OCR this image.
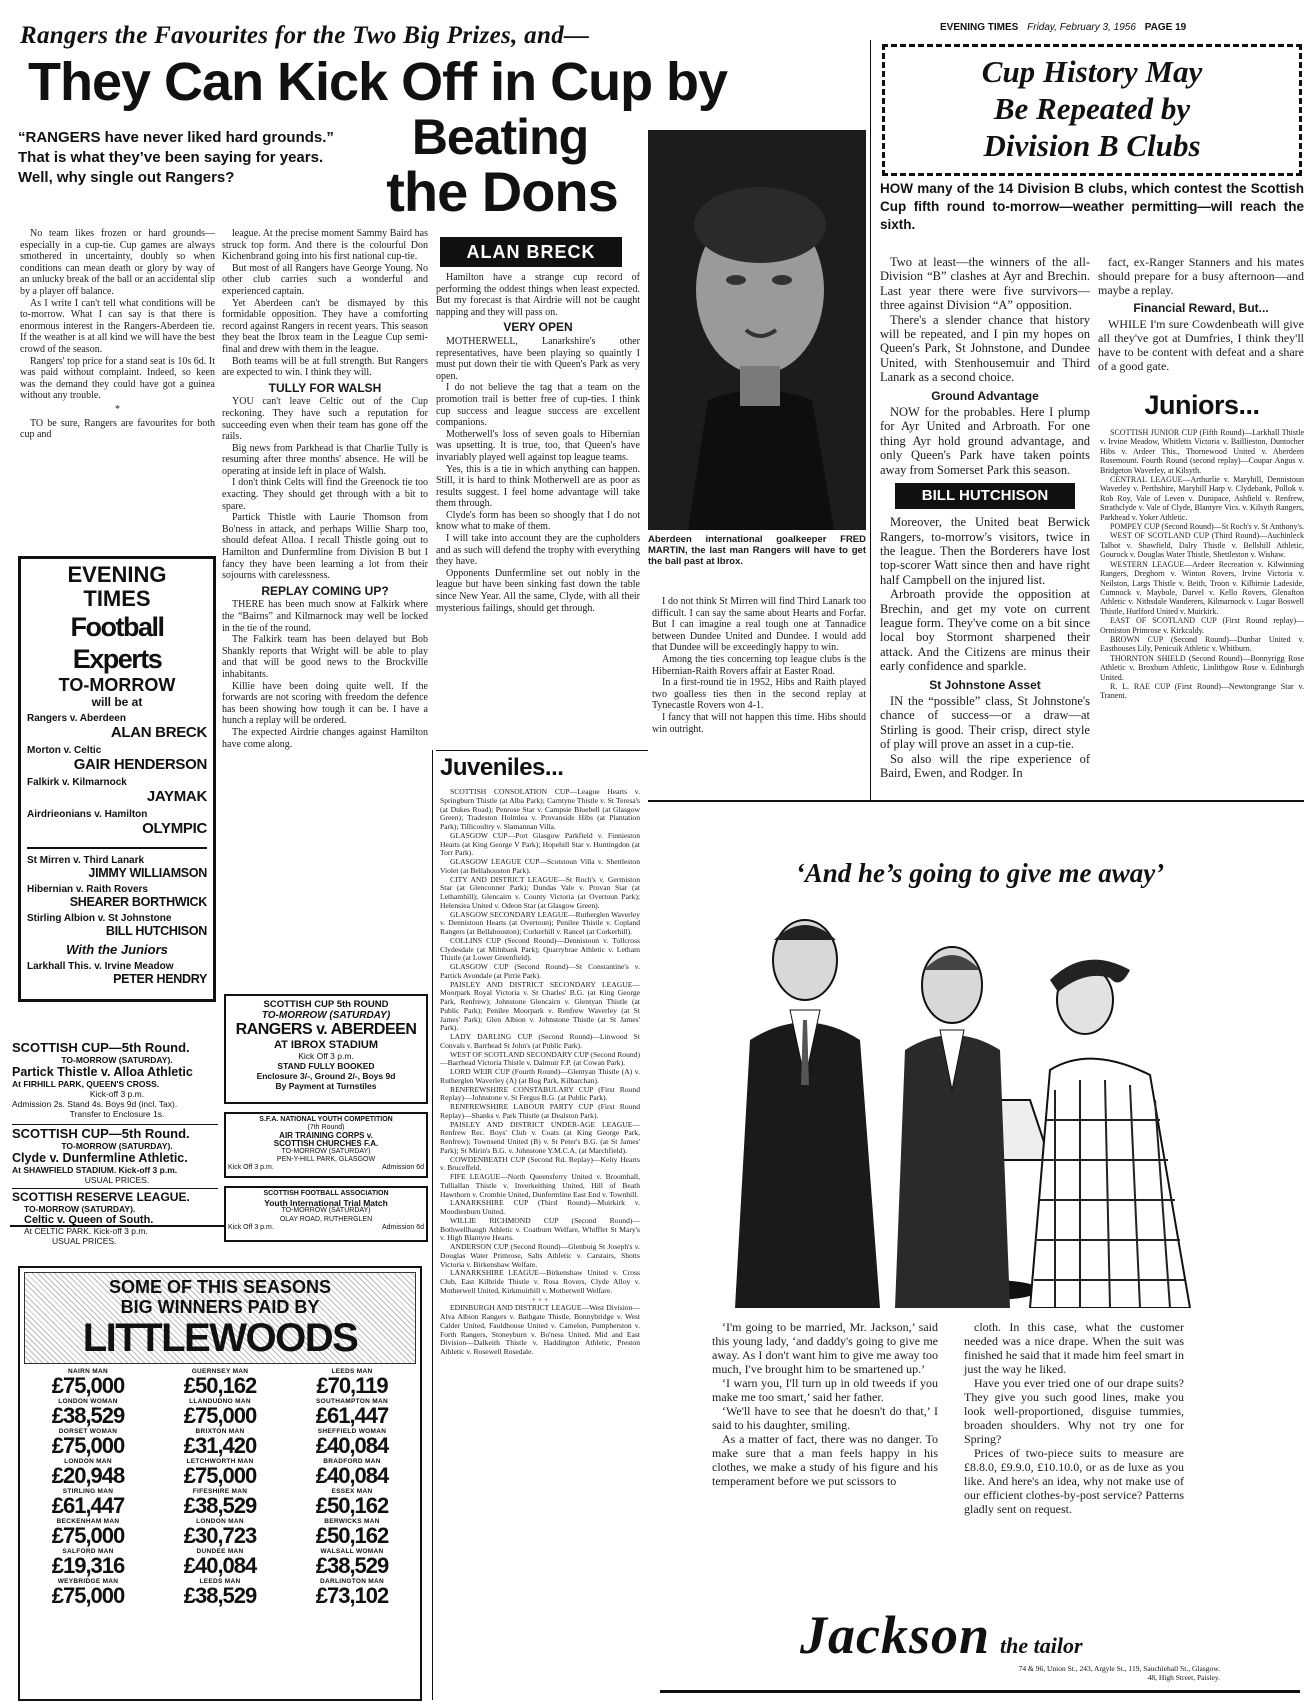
EVENING TIMES Friday, February 3, 1956 PAGE 19
Rangers the Favourites for the Two Big Prizes, and—
They Can Kick Off in Cup by
Beating
the Dons
“RANGERS have never liked hard grounds.” That is what they’ve been saying for years. Well, why single out Rangers?
ALAN BRECK

No team likes frozen or hard grounds—especially in a cup-tie. Cup games are always smothered in uncertainty, doubly so when conditions can mean death or glory by way of an unlucky break of the ball or an accidental slip by a player off balance.

As I write I can't tell what conditions will be to-morrow. What I can say is that there is enormous interest in the Rangers-Aberdeen tie. If the weather is at all kind we will have the best crowd of the season.

Rangers' top price for a stand seat is 10s 6d. It was paid without complaint. Indeed, so keen was the demand they could have got a guinea without any trouble.

*

TO be sure, Rangers are favourites for both cup and

league. At the precise moment Sammy Baird has struck top form. And there is the colourful Don Kichenbrand going into his first national cup-tie.

But most of all Rangers have George Young. No other club carries such a wonderful and experienced captain.

Yet Aberdeen can't be dismayed by this formidable opposition. They have a comforting record against Rangers in recent years. This season they beat the Ibrox team in the League Cup semi-final and drew with them in the league.

Both teams will be at full strength. But Rangers are expected to win. I think they will.

TULLY FOR WALSH

YOU can't leave Celtic out of the Cup reckoning. They have such a reputation for succeeding even when their team has gone off the rails.

Big news from Parkhead is that Charlie Tully is resuming after three months' absence. He will be operating at inside left in place of Walsh.

I don't think Celts will find the Greenock tie too exacting. They should get through with a bit to spare.

Partick Thistle with Laurie Thomson from Bo'ness in attack, and perhaps Willie Sharp too, should defeat Alloa. I recall Thistle going out to Hamilton and Dunfermline from Division B but I fancy they have been learning a lot from their sojourns with carelessness.

REPLAY COMING UP?

THERE has been much snow at Falkirk where the “Bairns” and Kilmarnock may well be locked in the tie of the round.

The Falkirk team has been delayed but Bob Shankly reports that Wright will be able to play and that will be good news to the Brockville inhabitants.

Killie have been doing quite well. If the forwards are not scoring with freedom the defence has been showing how tough it can be. I have a hunch a replay will be ordered.

The expected Airdrie changes against Hamilton have come along.

Hamilton have a strange cup record of performing the oddest things when least expected. But my forecast is that Airdrie will not be caught napping and they will pass on.

VERY OPEN

MOTHERWELL, Lanarkshire's other representatives, have been playing so quaintly I must put down their tie with Queen's Park as very open.

I do not believe the tag that a team on the promotion trail is better free of cup-ties. I think cup success and league success are excellent companions.

Motherwell's loss of seven goals to Hibernian was upsetting. It is true, too, that Queen's have invariably played well against top league teams.

Yes, this is a tie in which anything can happen. Still, it is hard to think Motherwell are as poor as results suggest. I feel home advantage will take them through.

Clyde's form has been so shoogly that I do not know what to make of them.

I will take into account they are the cupholders and as such will defend the trophy with everything they have.

Opponents Dunfermline set out nobly in the league but have been sinking fast down the table since New Year. All the same, Clyde, with all their mysterious failings, should get through.

Aberdeen international goalkeeper FRED MARTIN, the last man Rangers will have to get the ball past at Ibrox.

I do not think St Mirren will find Third Lanark too difficult. I can say the same about Hearts and Forfar. But I can imagine a real tough one at Tannadice between Dundee United and Dundee. I would add that Dundee will be exceedingly happy to win.

Among the ties concerning top league clubs is the Hibernian-Raith Rovers affair at Easter Road.

In a first-round tie in 1952, Hibs and Raith played two goalless ties then in the second replay at Tynecastle Rovers won 4-1.

I fancy that will not happen this time. Hibs should win outright.

EVENING
TIMES
Football Experts
TO-MORROW
will be at
Rangers v. Aberdeen
ALAN BRECK
Morton v. Celtic
GAIR HENDERSON
Falkirk v. Kilmarnock
JAYMAK
Airdrieonians v. Hamilton
OLYMPIC
St Mirren v. Third Lanark
JIMMY WILLIAMSON
Hibernian v. Raith Rovers
SHEARER BORTHWICK
Stirling Albion v. St Johnstone
BILL HUTCHISON
With the Juniors
Larkhall This. v. Irvine Meadow
PETER HENDRY
SCOTTISH CUP—5th Round.
TO-MORROW (SATURDAY).
Partick Thistle v. Alloa Athletic
At FIRHILL PARK, QUEEN'S CROSS.
Kick-off 3 p.m.
Admission 2s. Stand 4s. Boys 9d (incl. Tax).
Transfer to Enclosure 1s.
SCOTTISH CUP—5th Round.
TO-MORROW (SATURDAY).
Clyde v. Dunfermline Athletic.
At SHAWFIELD STADIUM. Kick-off 3 p.m.
USUAL PRICES.
SCOTTISH RESERVE LEAGUE.
TO-MORROW (SATURDAY).
Celtic v. Queen of South.
At CELTIC PARK. Kick-off 3 p.m.
USUAL PRICES.
SCOTTISH CUP 5th ROUND
TO-MORROW (SATURDAY)
RANGERS v. ABERDEEN
AT IBROX STADIUM
Kick Off 3 p.m.
STAND FULLY BOOKED
Enclosure 3/-, Ground 2/-, Boys 9d
By Payment at Turnstiles
S.F.A. NATIONAL YOUTH COMPETITION
(7th Round)
AIR TRAINING CORPS v.
SCOTTISH CHURCHES F.A.
TO-MORROW (SATURDAY)
PEN-Y-HILL PARK, GLASGOW
Kick Off 3 p.m.	Admission 6d
SCOTTISH FOOTBALL ASSOCIATION
Youth International Trial Match
TO-MORROW (SATURDAY)
OLAY ROAD, RUTHERGLEN
Kick Off 3 p.m.	Admission 6d
SOME OF THIS SEASONS
BIG WINNERS PAID BY
LITTLEWOODS
NAIRN MAN
£75,000
GUERNSEY MAN
£50,162
LEEDS MAN
£70,119
LONDON WOMAN
£38,529
LLANDUDNO MAN
£75,000
SOUTHAMPTON MAN
£61,447
DORSET WOMAN
£75,000
BRIXTON MAN
£31,420
SHEFFIELD WOMAN
£40,084
LONDON MAN
£20,948
LETCHWORTH MAN
£75,000
BRADFORD MAN
£40,084
STIRLING MAN
£61,447
FIFESHIRE MAN
£38,529
ESSEX MAN
£50,162
BECKENHAM MAN
£75,000
LONDON MAN
£30,723
BERWICKS MAN
£50,162
SALFORD MAN
£19,316
DUNDEE MAN
£40,084
WALSALL WOMAN
£38,529
WEYBRIDGE MAN
£75,000
LEEDS MAN
£38,529
DARLINGTON MAN
£73,102
Juveniles...

SCOTTISH CONSOLATION CUP—League Hearts v. Springburn Thistle (at Alba Park); Carntyne Thistle v. St Teresa's (at Dukes Road); Penrose Star v. Campsie Bluebell (at Glasgow Green); Tradeston Holmlea v. Provanside Hibs (at Plantation Park); Tillicoultry v. Slamannan Villa.

GLASGOW CUP—Port Glasgow Parkfield v. Finnieston Hearts (at King George V Park); Hopehill Star v. Huntingdon (at Torr Park).

GLASGOW LEAGUE CUP—Scotstoun Villa v. Shettleston Violet (at Bellahouston Park).

CITY AND DISTRICT LEAGUE—St Roch's v. Germiston Star (at Glenconner Park); Dundas Vale v. Provan Star (at Lethamhill); Glencairn v. County Victoria (at Overtoun Park); Helensiea United v. Odeon Star (at Glasgow Green).

GLASGOW SECONDARY LEAGUE—Rutherglen Waverley v. Dennistoun Hearts (at Overtoun); Penilee Thistle v. Copland Rangers (at Bellahouston); Corkerhill v. Rancel (at Corkerhill).

COLLINS CUP (Second Round)—Dennistoun v. Tollcross Clydesdale (at Milnbank Park); Quarrybrae Athletic v. Letham Thistle (at Lower Greenfield).

GLASGOW CUP (Second Round)—St Constantine's v. Partick Avondale (at Pirrie Park).

PAISLEY AND DISTRICT SECONDARY LEAGUE—Moorpark Royal Victoria v. St Charles' B.G. (at King George Park, Renfrew); Johnstone Glencairn v. Glentyan Thistle (at Public Park); Penilee Moorpark v. Renfrew Waverley (at St James' Park); Glen Albion v. Johnstone Thistle (at St James' Park).

LADY DARLING CUP (Second Round)—Linwood St Convals v. Barrhead St John's (at Public Park).

WEST OF SCOTLAND SECONDARY CUP (Second Round)—Barrhead Victoria Thistle v. Dalmuir F.P. (at Cowan Park).

LORD WEIR CUP (Fourth Round)—Glentyan Thistle (A) v. Rutherglen Waverley (A) (at Bog Park, Kilbarchan).

RENFREWSHIRE CONSTABULARY CUP (First Round Replay)—Johnstone v. St Fergus B.G. (at Public Park).

RENFREWSHIRE LABOUR PARTY CUP (First Round Replay)—Shanks v. Park Thistle (at Dealston Park).

PAISLEY AND DISTRICT UNDER-AGE LEAGUE—Renfrew Rec. Boys' Club v. Coats (at King George Park, Renfrew); Townsend United (B) v. St Peter's B.G. (at St James' Park); St Mirin's B.G. v. Johnstone Y.M.C.A. (at Marchfield).

COWDENBEATH CUP (Second Rd. Replay)—Kelty Hearts v. Bruceffeld.

FIFE LEAGUE—North Queensferry United v. Broomhall, Tulliallan Thistle v. Inverkeithing United, Hill of Beath Hawthorn v. Crombie United, Dunfermline East End v. Townhill.

LANARKSHIRE CUP (Third Round)—Muirkirk v. Moodiesburn United.

WILLIE RICHMOND CUP (Second Round)—Bothwellhaugh Athletic v. Coatburn Welfare, Whifflet St Mary's v. High Blantyre Hearts.

ANDERSON CUP (Second Round)—Glenboig St Joseph's v. Douglas Water Primrose, Salts Athletic v. Carstairs, Shotts Victoria v. Birkenshaw Welfare.

LANARKSHIRE LEAGUE—Birkenshaw United v. Cross Club, East Kilbride Thistle v. Rosa Rovers, Clyde Alloy v. Motherwell United, Kirkmuirhill v. Motherwell Welfare.

+ + +

EDINBURGH AND DISTRICT LEAGUE—West Division—Alva Albion Rangers v. Bathgate Thistle, Bonnybridge v. West Calder United, Fauldhouse United v. Camelon, Pumpherston v. Forth Rangers, Stoneyburn v. Bo'ness United. Mid and East Division—Dalkeith Thistle v. Haddington Athletic, Preston Athletic v. Rosewell Rosedale.

Cup History May
Be Repeated by
Division B Clubs
HOW many of the 14 Division B clubs, which contest the Scottish Cup fifth round to-morrow—weather permitting—will reach the sixth.

Two at least—the winners of the all-Division “B” clashes at Ayr and Brechin. Last year there were five survivors—three against Division “A” opposition.

There's a slender chance that history will be repeated, and I pin my hopes on Queen's Park, St Johnstone, and Dundee United, with Stenhousemuir and Third Lanark as a second choice.

Ground Advantage

NOW for the probables. Here I plump for Ayr United and Arbroath. For one thing Ayr hold ground advantage, and only Queen's Park have taken points away from Somerset Park this season.

BILL HUTCHISON

Moreover, the United beat Berwick Rangers, to-morrow's visitors, twice in the league. Then the Borderers have lost top-scorer Watt since then and have right half Campbell on the injured list.

Arbroath provide the opposition at Brechin, and get my vote on current league form. They've come on a bit since local boy Stormont sharpened their attack. And the Citizens are minus their early confidence and sparkle.

St Johnstone Asset

IN the “possible” class, St Johnstone's chance of success—or a draw—at Stirling is good. Their crisp, direct style of play will prove an asset in a cup-tie.

So also will the ripe experience of Baird, Ewen, and Rodger. In

fact, ex-Ranger Stanners and his mates should prepare for a busy afternoon—and maybe a replay.

Financial Reward, But...

WHILE I'm sure Cowdenbeath will give all they've got at Dumfries, I think they'll have to be content with defeat and a share of a good gate.

Juniors...

SCOTTISH JUNIOR CUP (Fifth Round)—Larkhall Thistle v. Irvine Meadow, Whitletts Victoria v. Baillieston, Duntocher Hibs v. Ardeer This., Thornewood United v. Aberdeen Rosemount. Fourth Round (second replay)—Coupar Angus v. Bridgeton Waverley, at Kilsyth.

CENTRAL LEAGUE—Arthurlie v. Maryhill, Dennistoun Waverley v. Perthshire, Maryhill Harp v. Clydebank, Pollok v. Rob Roy, Vale of Leven v. Dunipace, Ashfield v. Renfrew, Strathclyde v. Vale of Clyde, Blantyre Vics. v. Kilsyth Rangers, Parkhead v. Yoker Athletic.

POMPEY CUP (Second Round)—St Roch's v. St Anthony's.

WEST OF SCOTLAND CUP (Third Round)—Auchinleck Talbot v. Shawfield, Dalry Thistle v. Bellshill Athletic, Gourock v. Douglas Water Thistle, Shettleston v. Wishaw.

WESTERN LEAGUE—Ardeer Recreation v. Kilwinning Rangers, Dreghorn v. Winton Rovers, Irvine Victoria v. Neilston, Largs Thistle v. Beith, Troon v. Kilbirnie Ladeside, Cumnock v. Maybole, Darvel v. Kello Rovers, Glenafton Athletic v. Nithsdale Wanderers, Kilmarnock v. Lugar Boswell Thistle, Hurlford United v. Muirkirk.

EAST OF SCOTLAND CUP (First Round replay)—Ormiston Primrose v. Kirkcaldy.

BROWN CUP (Second Round)—Dunbar United v. Easthouses Lily, Penicuik Athletic v. Whitburn.

THORNTON SHIELD (Second Round)—Bonnyrigg Rose Athletic v. Broxburn Athletic, Linlithgow Rose v. Edinburgh United.

R. L. RAE CUP (First Round)—Newtongrange Star v. Tranent.

‘And he’s going to give me away’

‘I'm going to be married, Mr. Jackson,’ said this young lady, ‘and daddy's going to give me away. As I don't want him to give me away too much, I've brought him to be smartened up.’

‘I warn you, I'll turn up in old tweeds if you make me too smart,’ said her father.

‘We'll have to see that he doesn't do that,’ I said to his daughter, smiling.

As a matter of fact, there was no danger. To make sure that a man feels happy in his clothes, we make a study of his figure and his temperament before we put scissors to

cloth. In this case, what the customer needed was a nice drape. When the suit was finished he said that it made him feel smart in just the way he liked.

Have you ever tried one of our drape suits? They give you such good lines, make you look well-proportioned, disguise tummies, broaden shoulders. Why not try one for Spring?

Prices of two-piece suits to measure are £8.8.0, £9.9.0, £10.10.0, or as de luxe as you like. And here's an idea, why not make use of our efficient clothes-by-post service? Patterns gladly sent on request.

Jackson the tailor
74 & 96, Union St., 243, Argyle St., 119, Sauchiehall St., Glasgow.
48, High Street, Paisley.
